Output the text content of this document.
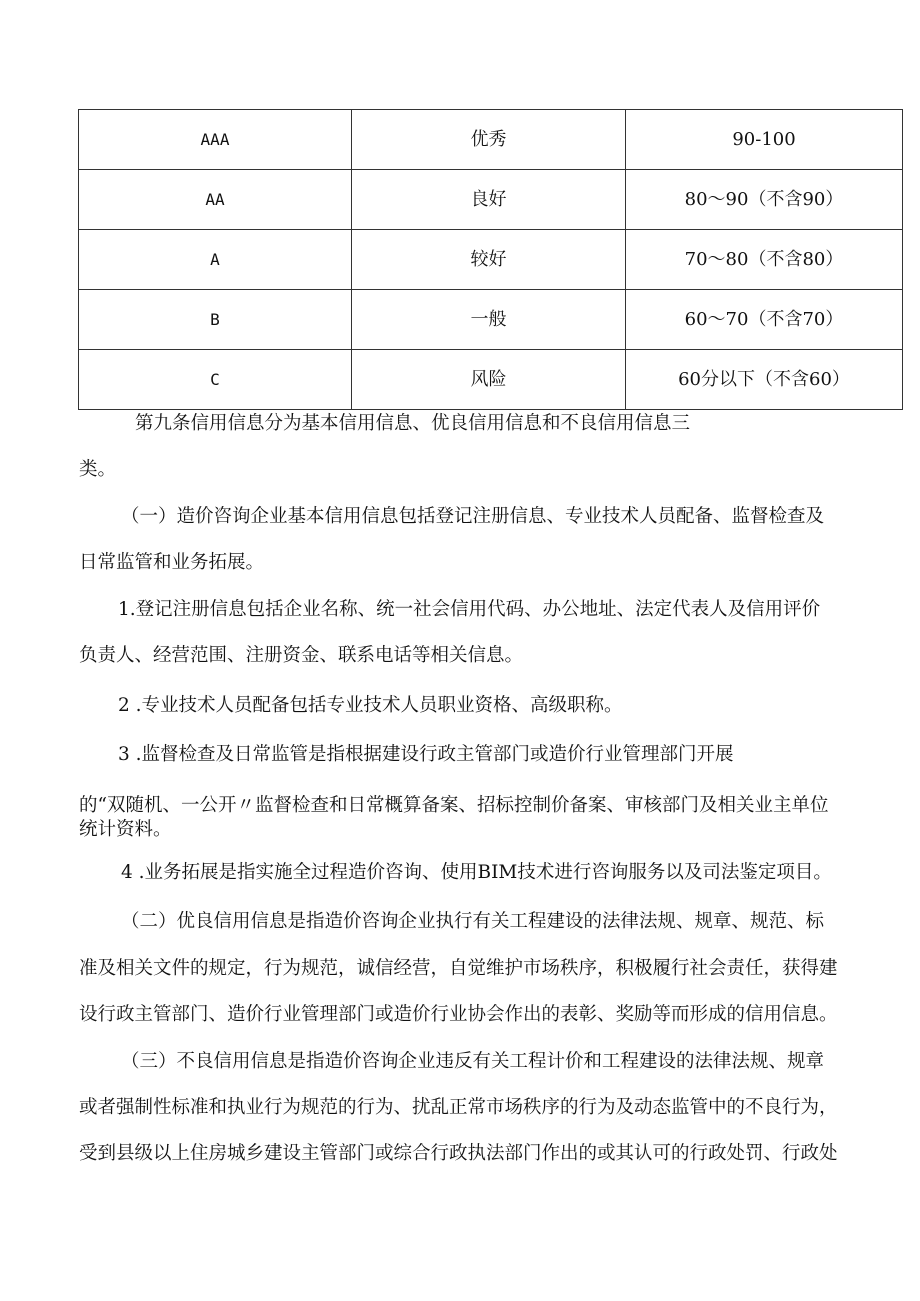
AAA	优秀	90-100
AA	良好	80～90（不含90）
A	较好	70～80（不含80）
B	一般	60～70（不含70）
C	风险	60分以下（不含60）

第九条信用信息分为基本信用信息、优良信用信息和不良信用信息三

类。

（一）造价咨询企业基本信用信息包括登记注册信息、专业技术人员配备、监督检查及

日常监管和业务拓展。

1.登记注册信息包括企业名称、统一社会信用代码、办公地址、法定代表人及信用评价

负责人、经营范围、注册资金、联系电话等相关信息。

2 .专业技术人员配备包括专业技术人员职业资格、高级职称。

3 .监督检查及日常监管是指根据建设行政主管部门或造价行业管理部门开展

的“双随机、一公开〃监督检查和日常概算备案、招标控制价备案、审核部门及相关业主单位

统计资料。

4 .业务拓展是指实施全过程造价咨询、使用BIM技术进行咨询服务以及司法鉴定项目。

（二）优良信用信息是指造价咨询企业执行有关工程建设的法律法规、规章、规范、标

准及相关文件的规定，行为规范，诚信经营，自觉维护市场秩序，积极履行社会责任，获得建

设行政主管部门、造价行业管理部门或造价行业协会作出的表彰、奖励等而形成的信用信息。

（三）不良信用信息是指造价咨询企业违反有关工程计价和工程建设的法律法规、规章

或者强制性标准和执业行为规范的行为、扰乱正常市场秩序的行为及动态监管中的不良行为，

受到县级以上住房城乡建设主管部门或综合行政执法部门作出的或其认可的行政处罚、行政处
